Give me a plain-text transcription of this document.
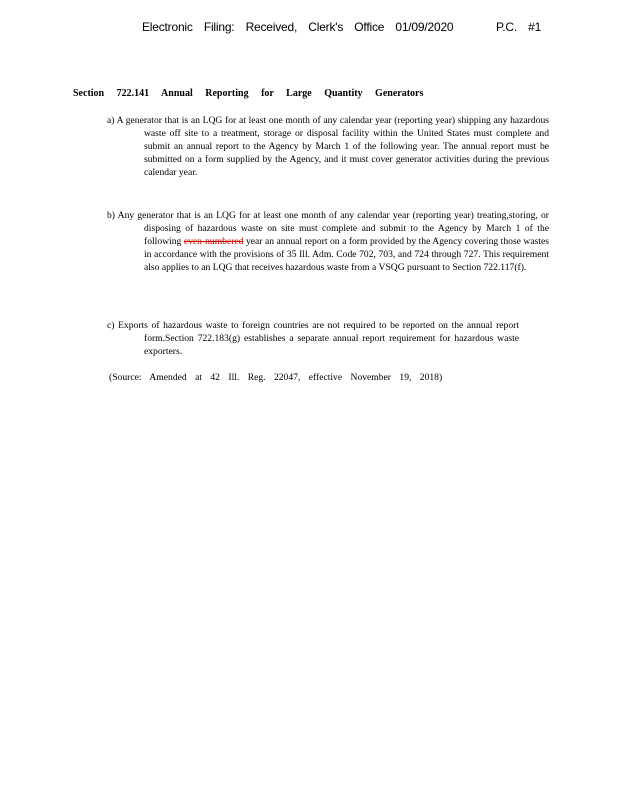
Electronic Filing: Received, Clerk's Office 01/09/2020	P.C. #1
Section 722.141 Annual Reporting for Large Quantity Generators
a) A generator that is an LQG for at least one month of any calendar year (reporting year) shipping any hazardous waste off site to a treatment, storage or disposal facility within the United States must complete and submit an annual report to the Agency by March 1 of the following year. The annual report must be submitted on a form supplied by the Agency, and it must cover generator activities during the previous calendar year.
b) Any generator that is an LQG for at least one month of any calendar year (reporting year) treating,storing, or disposing of hazardous waste on site must complete and submit to the Agency by March 1 of the following even-numbered year an annual report on a form provided by the Agency covering those wastes in accordance with the provisions of 35 Ill. Adm. Code 702, 703, and 724 through 727. This requirement also applies to an LQG that receives hazardous waste from a VSQG pursuant to Section 722.117(f).
c) Exports of hazardous waste to foreign countries are not required to be reported on the annual report form.Section 722.183(g) establishes a separate annual report requirement for hazardous waste exporters.
(Source: Amended at 42 Ill. Reg. 22047, effective November 19, 2018)
